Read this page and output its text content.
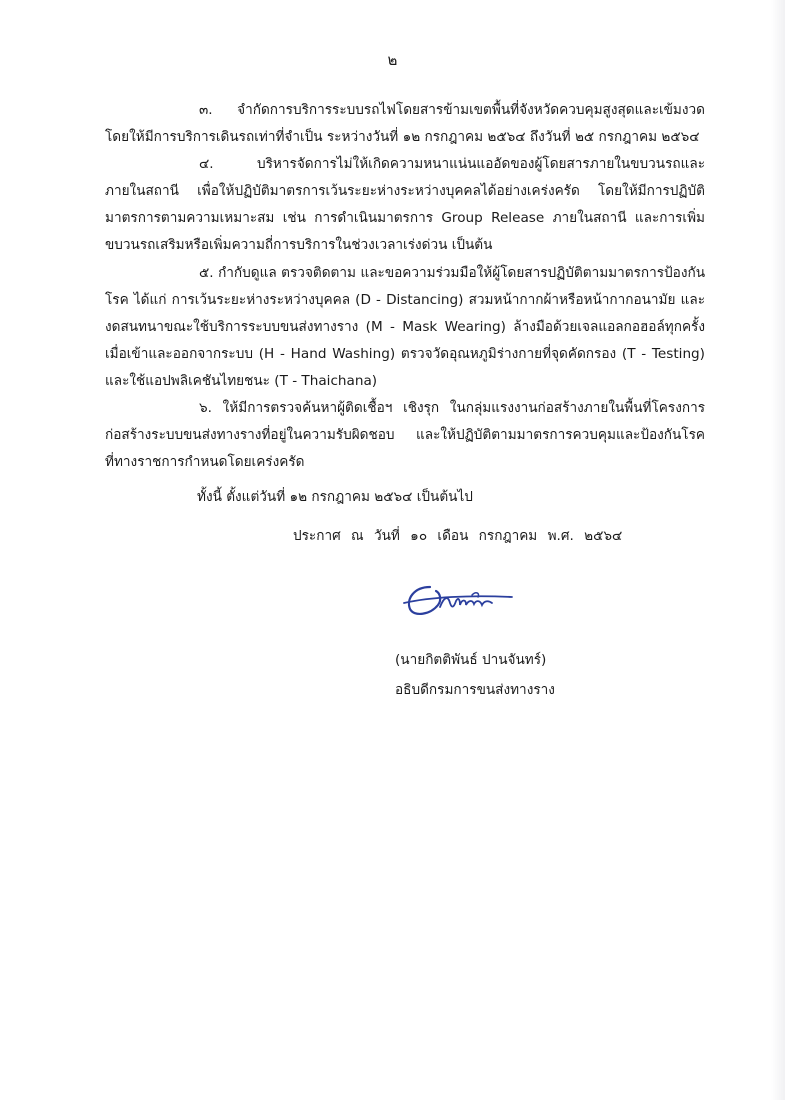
๒

๓. จำกัดการบริการระบบรถไฟโดยสารข้ามเขตพื้นที่จังหวัดควบคุมสูงสุดและเข้มงวด โดยให้มีการบริการเดินรถเท่าที่จำเป็น ระหว่างวันที่ ๑๒ กรกฎาคม ๒๕๖๔ ถึงวันที่ ๒๕ กรกฎาคม ๒๕๖๔

๔. บริหารจัดการไม่ให้เกิดความหนาแน่นแออัดของผู้โดยสารภายในขบวนรถและภายในสถานี เพื่อให้ปฏิบัติมาตรการเว้นระยะห่างระหว่างบุคคลได้อย่างเคร่งครัด โดยให้มีการปฏิบัติมาตรการตามความเหมาะสม เช่น การดำเนินมาตรการ Group Release ภายในสถานี และการเพิ่มขบวนรถเสริมหรือเพิ่มความถี่การบริการในช่วงเวลาเร่งด่วน เป็นต้น

๕. กำกับดูแล ตรวจติดตาม และขอความร่วมมือให้ผู้โดยสารปฏิบัติตามมาตรการป้องกันโรค ได้แก่ การเว้นระยะห่างระหว่างบุคคล (D - Distancing) สวมหน้ากากผ้าหรือหน้ากากอนามัย และงดสนทนาขณะใช้บริการระบบขนส่งทางราง (M - Mask Wearing) ล้างมือด้วยเจลแอลกอฮอล์ทุกครั้ง เมื่อเข้าและออกจากระบบ (H - Hand Washing) ตรวจวัดอุณหภูมิร่างกายที่จุดคัดกรอง (T - Testing) และใช้แอปพลิเคชันไทยชนะ (T - Thaichana)

๖. ให้มีการตรวจค้นหาผู้ติดเชื้อฯ เชิงรุก ในกลุ่มแรงงานก่อสร้างภายในพื้นที่โครงการก่อสร้างระบบขนส่งทางรางที่อยู่ในความรับผิดชอบ และให้ปฏิบัติตามมาตรการควบคุมและป้องกันโรคที่ทางราชการกำหนดโดยเคร่งครัด

ทั้งนี้ ตั้งแต่วันที่ ๑๒ กรกฎาคม ๒๕๖๔ เป็นต้นไป
ประกาศ ณ วันที่ ๑๐ เดือน กรกฎาคม พ.ศ. ๒๕๖๔
(นายกิตติพันธ์ ปานจันทร์)
อธิบดีกรมการขนส่งทางราง
